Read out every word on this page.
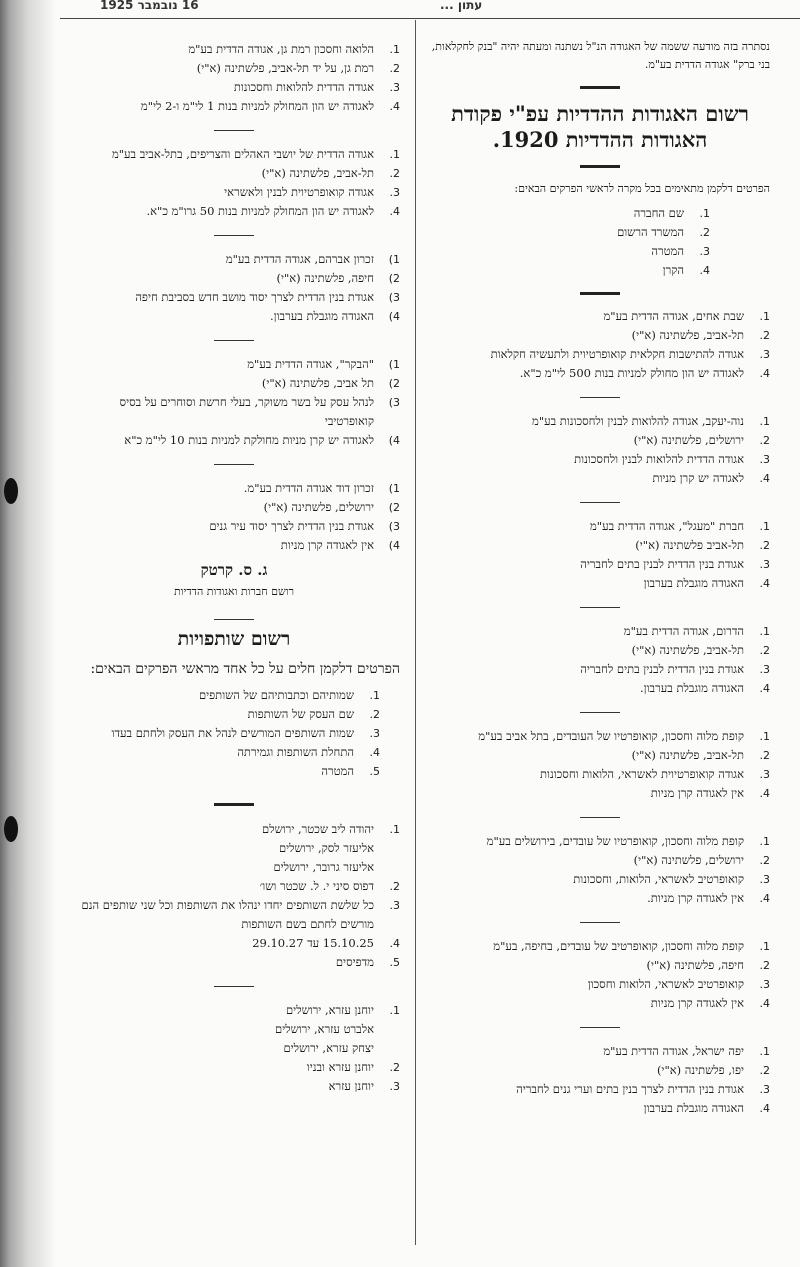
1925 ‏16 נובמבר	עתון ...
נסתרה בזה מודעה ששמה של האגודה הנ"ל נשתנה ומעתה יהיה "בנק לחקלאות, בני ברק" אגודה הדדית בע"מ.
רשום האגודות ההדדיות עפ"י פקודת האגודות ההדדיות 1920.
הפרטים דלקמן מתאימים בכל מקרה לראשי הפרקים הבאים:
1.
שם החברה
2.
המשרד הרשום
3.
המטרה
4.
הקרן
1.
שבת אחים, אגודה הדדית בע"מ
2.
תל-אביב, פלשתינה (א"י)
3.
אגודה להתישבות חקלאית קואופרטיוית ולתעשיה חקלאות
4.
לאגודה יש הון מחולק למניות בנות 500 לי"מ כ"א.
1.
נוה-יעקב, אגודה להלואות לבנין ולחסכונות בע"מ
2.
ירושלים, פלשתינה (א"י)
3.
אגודה הדדית להלואות לבנין ולחסכונות
4.
לאגודה יש קרן מניות
1.
חברת "מעגל", אגודה הדדית בע"מ
2.
תל-אביב פלשתינה (א"י)
3.
אגודת בנין הדדית לבנין בתים לחבריה
4.
האגודה מוגבלת בערבון
1.
הדרום, אגודה הדדית בע"מ
2.
תל-אביב, פלשתינה (א"י)
3.
אגודת בנין הדדית לבנין בתים לחבריה
4.
האגודה מוגבלת בערבון.
1.
קופת מלוה וחסכון, קואופרטיו של העובדים, בתל אביב בע"מ
2.
תל-אביב, פלשתינה (א"י)
3.
אגודה קואופרטיוית לאשראי, הלואות וחסכונות
4.
אין לאגודה קרן מניות
1.
קופת מלוה וחסכון, קואופרטיו של עובדים, בירושלים בע"מ
2.
ירושלים, פלשתינה (א"י)
3.
קואופרטיב לאשראי, הלואות, וחסכונות
4.
אין לאגודה קרן מניות.
1.
קופת מלוה וחסכון, קואופרטיב של עובדים, בחיפה, בע"מ
2.
חיפה, פלשתינה (א"י)
3.
קואופרטיב לאשראי, הלואות וחסכון
4.
אין לאגודה קרן מניות
1.
יפה ישראל, אגודה הדדית בע"מ
2.
יפו, פלשתינה (א"י)
3.
אגודת בנין הדדית לצרך בנין בתים וערי גנים לחבריה
4.
האגודה מוגבלת בערבון
1.
הלואה וחסכון רמת גן, אגודה הדדית בע"מ
2.
רמת גן, על יד תל-אביב, פלשתינה (א"י)
3.
אגודה הדדית להלואות וחסכונות
4.
לאגודה יש הון המחולק למניות בנות 1 לי"מ ו-2 לי"מ
1.
אגודה הדדית של יושבי האהלים והצריפים, בתל-אביב בע"מ
2.
תל-אביב, פלשתינה (א"י)
3.
אגודה קואופרטיוית לבנין ולאשראי
4.
לאגודה יש הון המחולק למניות בנות 50 גרו"מ כ"א.
1)
זכרון אברהם, אגודה הדדית בע"מ
2)
חיפה, פלשתינה (א"י)
3)
אגודת בנין הדדית לצרך יסוד מושב חדש בסביבת חיפה
4)
האגודה מוגבלת בערבון.
1)
"הבקר", אגודה הדדית בע"מ
2)
תל אביב, פלשתינה (א"י)
3)
לנהל עסק על בשר משוקר, בעלי חרשת וסוחרים על בסיס קואופרטיבי
4)
לאגודה יש קרן מניות מחולקת למניות בנות 10 לי"מ כ"א
1)
זכרון דוד אגודה הדדית בע"מ.
2)
ירושלים, פלשתינה (א"י)
3)
אגודת בנין הדדית לצרך יסוד עיר גנים
4)
אין לאגודה קרן מניות
ג. ס. קרטק
רושם חברות ואגודות הדדיות
רשום שותפויות
הפרטים דלקמן חלים על כל אחד מראשי הפרקים הבאים:
1.
שמותיהם וכתבותיהם של השותפים
2.
שם העסק של השותפות
3.
שמות השותפים המורשים לנהל את העסק ולחתם בעדו
4.
התחלת השותפות וגמירתה
5.
המטרה
1.
יהודה ליב שכטר, ירושלם
אליעזר לסק, ירושלים
אליעזר גרובר, ירושלים
2.
דפוס סיני י. ל. שכטר ושו׳
3.
כל שלשת השותפים יחדו ינהלו את השותפות וכל שני שותפים הנם מורשים לחתם בשם השותפות
4.
15.10.25 עד 29.10.27
5.
מדפיסים
1.
יוחנן עזרא, ירושלים
אלברט עזרא, ירושלים
יצחק עזרא, ירושלים
2.
יוחנן עזרא ובניו
3.
יוחנן עזרא
